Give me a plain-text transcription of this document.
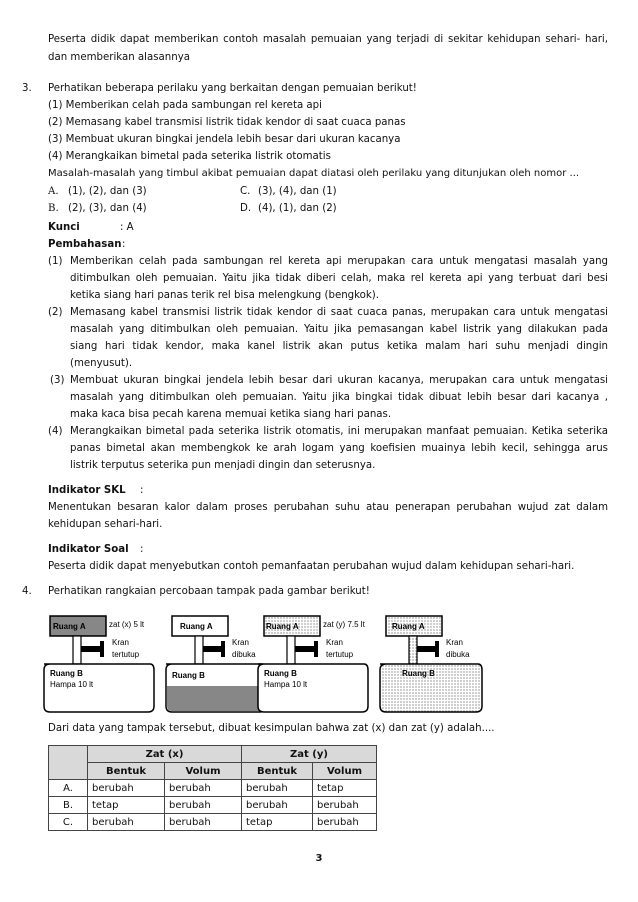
Peserta didik dapat memberikan contoh masalah pemuaian yang terjadi di sekitar kehidupan sehari- hari,
dan memberikan alasannya
3. Perhatikan beberapa perilaku yang berkaitan dengan pemuaian berikut!
(1) Memberikan celah pada sambungan rel kereta api
(2) Memasang kabel transmisi listrik tidak kendor di saat cuaca panas
(3) Membuat ukuran bingkai jendela lebih besar dari ukuran kacanya
(4) Merangkaikan bimetal pada seterika listrik otomatis
Masalah-masalah yang timbul akibat pemuaian dapat diatasi oleh perilaku yang ditunjukan oleh nomor ...
A. (1), (2), dan (3)
B. (2), (3), dan (4)
C. (3), (4), dan (1)
D. (4), (1), dan (2)
Kunci	: A
Pembahasan :
(1) Memberikan celah pada sambungan rel kereta api merupakan cara untuk mengatasi masalah yang
ditimbulkan oleh pemuaian. Yaitu jika tidak diberi celah, maka rel kereta api yang terbuat dari besi
ketika siang hari panas terik rel bisa melengkung (bengkok).
(2) Memasang kabel transmisi listrik tidak kendor di saat cuaca panas, merupakan cara untuk mengatasi
masalah yang ditimbulkan oleh pemuaian. Yaitu jika pemasangan kabel listrik yang dilakukan pada
siang hari tidak kendor, maka kanel listrik akan putus ketika malam hari suhu menjadi dingin
(menyusut).
(3) Membuat ukuran bingkai jendela lebih besar dari ukuran kacanya, merupakan cara untuk mengatasi
masalah yang ditimbulkan oleh pemuaian. Yaitu jika bingkai tidak dibuat lebih besar dari kacanya ,
maka kaca bisa pecah karena memuai ketika siang hari panas.
(4) Merangkaikan bimetal pada seterika listrik otomatis, ini merupakan manfaat pemuaian. Ketika seterika
panas bimetal akan membengkok ke arah logam yang koefisien muainya lebih kecil, sehingga arus
listrik terputus seterika pun menjadi dingin dan seterusnya.
Indikator SKL :
Menentukan besaran kalor dalam proses perubahan suhu atau penerapan perubahan wujud zat dalam
kehidupan sehari-hari.
Indikator Soal :
Peserta didik dapat menyebutkan contoh pemanfaatan perubahan wujud dalam kehidupan sehari-hari.
4. Perhatikan rangkaian percobaan tampak pada gambar berikut!
Ruang A	zat (x) 5 lt
Kran
tertutup
Ruang B
Hampa 10 lt
Ruang A
Kran
dibuka
Ruang B
Ruang A	zat (y) 7.5 lt
Kran
tertutup
Ruang B
Hampa 10 lt
Ruang A
Kran
dibuka
Ruang B
Dari data yang tampak tersebut, dibuat kesimpulan bahwa zat (x) dan zat (y) adalah....
	Zat (x)		Zat (y)	
	Bentuk	Volum	Bentuk	Volum
A.	berubah	berubah	berubah	tetap
B.	tetap	berubah	berubah	berubah
C.	berubah	berubah	tetap	berubah
3
